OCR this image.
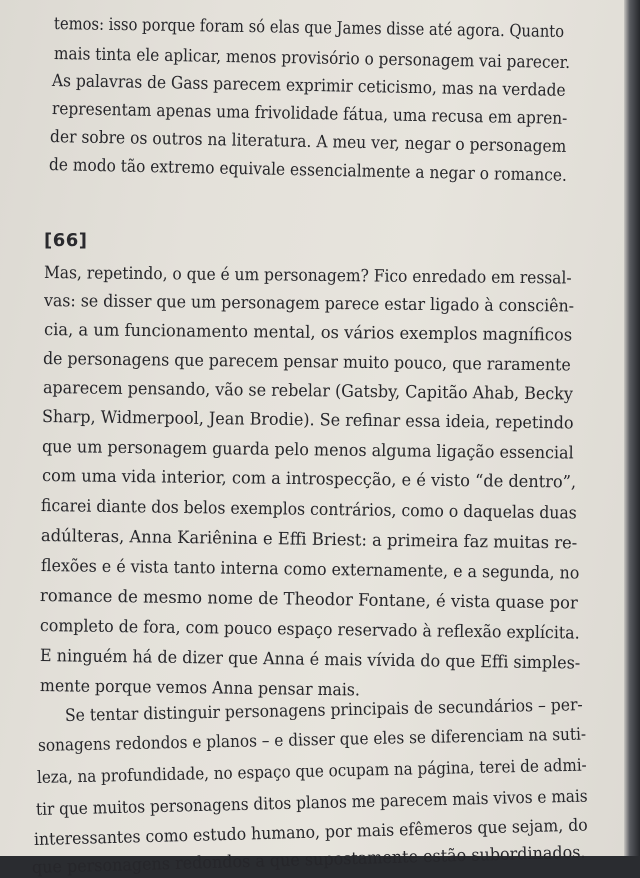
temos: isso porque foram só elas que James disse até agora. Quanto
mais tinta ele aplicar, menos provisório o personagem vai parecer.
As palavras de Gass parecem exprimir ceticismo, mas na verdade
representam apenas uma frivolidade fátua, uma recusa em apren-
der sobre os outros na literatura. A meu ver, negar o personagem
de modo tão extremo equivale essencialmente a negar o romance.
[66]
Mas, repetindo, o que é um personagem? Fico enredado em ressal-
vas: se disser que um personagem parece estar ligado à consciên-
cia, a um funcionamento mental, os vários exemplos magníficos
de personagens que parecem pensar muito pouco, que raramente
aparecem pensando, vão se rebelar (Gatsby, Capitão Ahab, Becky
Sharp, Widmerpool, Jean Brodie). Se refinar essa ideia, repetindo
que um personagem guarda pelo menos alguma ligação essencial
com uma vida interior, com a introspecção, e é visto “de dentro”,
ficarei diante dos belos exemplos contrários, como o daquelas duas
adúlteras, Anna Kariênina e Effi Briest: a primeira faz muitas re-
flexões e é vista tanto interna como externamente, e a segunda, no
romance de mesmo nome de Theodor Fontane, é vista quase por
completo de fora, com pouco espaço reservado à reflexão explícita.
E ninguém há de dizer que Anna é mais vívida do que Effi simples-
mente porque vemos Anna pensar mais.
Se tentar distinguir personagens principais de secundários – per-
sonagens redondos e planos – e disser que eles se diferenciam na suti-
leza, na profundidade, no espaço que ocupam na página, terei de admi-
tir que muitos personagens ditos planos me parecem mais vivos e mais
interessantes como estudo humano, por mais efêmeros que sejam, do
que personagens redondos a que supostamente estão subordinados.
